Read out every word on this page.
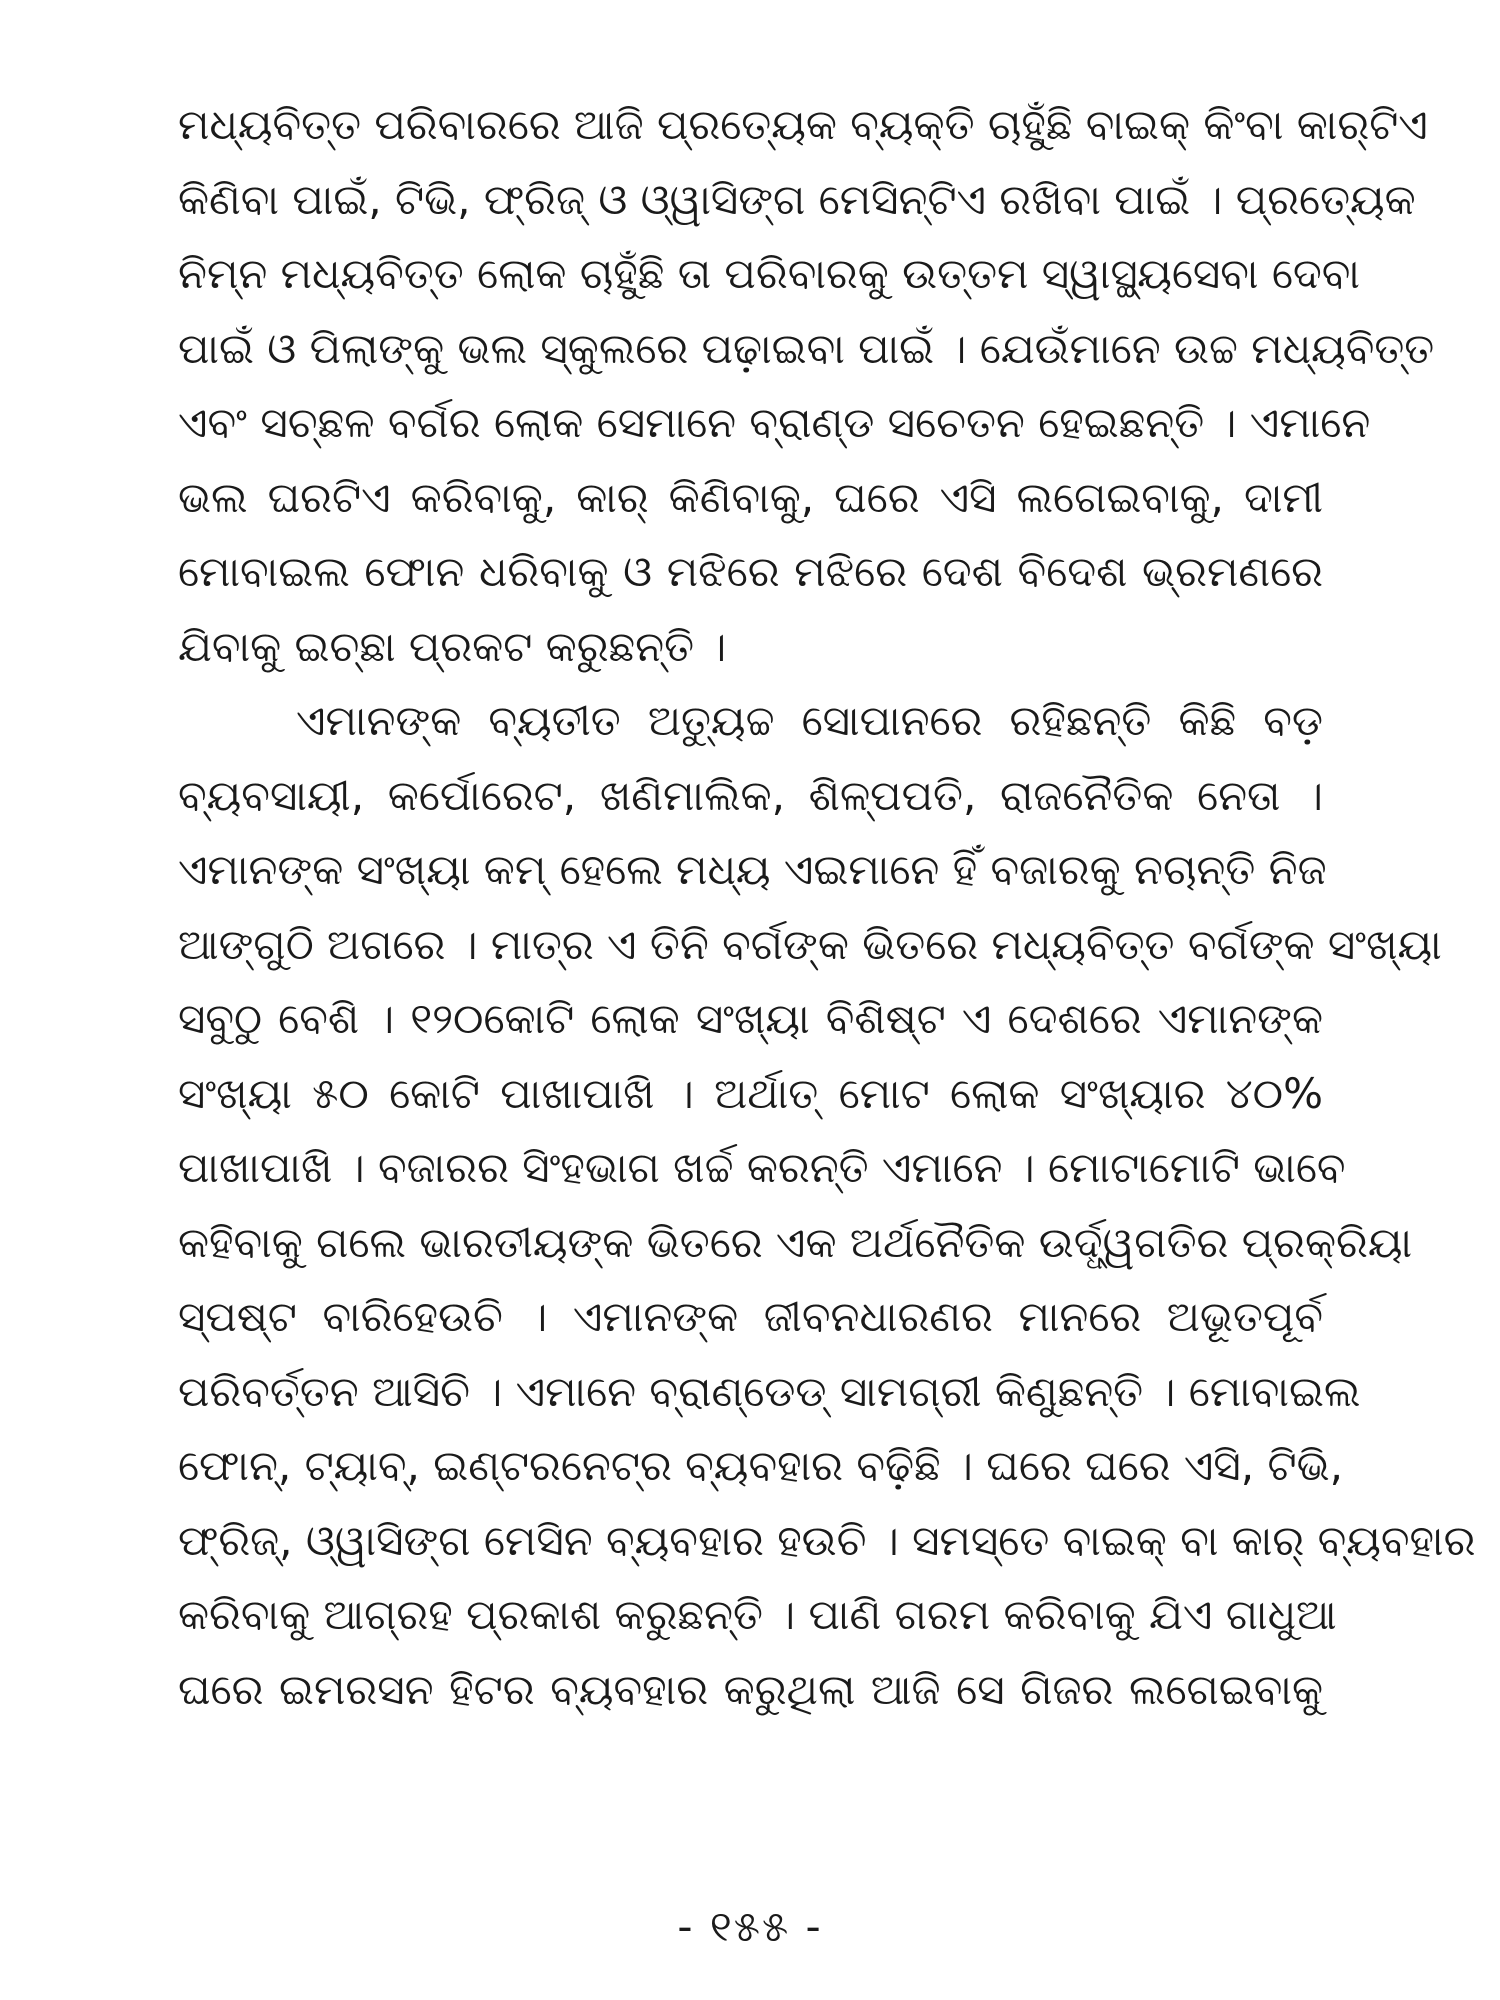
ମଧ୍ୟବିତ୍ତ ପରିବାରରେ ଆଜି ପ୍ରତ୍ୟେକ ବ୍ୟକ୍ତି ଚାହୁଁଛି ବାଇକ୍ କିଂବା କାର୍‌ଟିଏ
କିଣିବା ପାଇଁ, ଟିଭି, ଫ୍ରିଜ୍ ଓ ଓ୍ୱାସିଙ୍ଗ ମେସିନ୍‌ଟିଏ ରଖିବା ପାଇଁ । ପ୍ରତ୍ୟେକ
ନିମ୍ନ ମଧ୍ୟବିତ୍ତ ଲୋକ ଚାହୁଁଛି ତା ପରିବାରକୁ ଉତ୍ତମ ସ୍ୱାସ୍ଥ୍ୟସେବା ଦେବା
ପାଇଁ ଓ ପିଲାଙ୍କୁ ଭଲ ସ୍କୁଲରେ ପଢ଼ାଇବା ପାଇଁ । ଯେଉଁମାନେ ଉଚ୍ଚ ମଧ୍ୟବିତ୍ତ
ଏବଂ ସଚ୍ଛଳ ବର୍ଗର ଲୋକ ସେମାନେ ବ୍ରାଣ୍ଡ ସଚେତନ ହେଇଛନ୍ତି । ଏମାନେ
ଭଲ ଘରଟିଏ କରିବାକୁ, କାର୍ କିଣିବାକୁ, ଘରେ ଏସି ଲଗେଇବାକୁ, ଦାମୀ
ମୋବାଇଲ ଫୋନ ଧରିବାକୁ ଓ ମଝିରେ ମଝିରେ ଦେଶ ବିଦେଶ ଭ୍ରମଣରେ
ଯିବାକୁ ଇଚ୍ଛା ପ୍ରକଟ କରୁଛନ୍ତି ।
ଏମାନଙ୍କ ବ୍ୟତୀତ ଅତ୍ୟୁଚ୍ଚ ସୋପାନରେ ରହିଛନ୍ତି କିଛି ବଡ଼
ବ୍ୟବସାୟୀ, କର୍ପୋରେଟ, ଖଣିମାଲିକ, ଶିଳ୍ପପତି, ରାଜନୈତିକ ନେତା ।
ଏମାନଙ୍କ ସଂଖ୍ୟା କମ୍ ହେଲେ ମଧ୍ୟ ଏଇମାନେ ହିଁ ବଜାରକୁ ନଚାନ୍ତି ନିଜ
ଆଙ୍ଗୁଠି ଅଗରେ । ମାତ୍ର ଏ ତିନି ବର୍ଗଙ୍କ ଭିତରେ ମଧ୍ୟବିତ୍ତ ବର୍ଗଙ୍କ ସଂଖ୍ୟା
ସବୁଠୁ ବେଶି । ୧୨୦କୋଟି ଲୋକ ସଂଖ୍ୟା ବିଶିଷ୍ଟ ଏ ଦେଶରେ ଏମାନଙ୍କ
ସଂଖ୍ୟା ୫୦ କୋଟି ପାଖାପାଖି । ଅର୍ଥାତ୍ ମୋଟ ଲୋକ ସଂଖ୍ୟାର ୪୦%
ପାଖାପାଖି । ବଜାରର ସିଂହଭାଗ ଖର୍ଚ୍ଚ କରନ୍ତି ଏମାନେ । ମୋଟାମୋଟି ଭାବେ
କହିବାକୁ ଗଲେ ଭାରତୀୟଙ୍କ ଭିତରେ ଏକ ଅର୍ଥନୈତିକ ଉର୍ଦ୍ଧ୍ୱଗତିର ପ୍ରକ୍ରିୟା
ସ୍ପଷ୍ଟ ବାରିହେଉଚି । ଏମାନଙ୍କ ଜୀବନଧାରଣର ମାନରେ ଅଭୂତପୂର୍ବ
ପରିବର୍ତ୍ତନ ଆସିଚି । ଏମାନେ ବ୍ରାଣ୍ଡେଡ୍ ସାମଗ୍ରୀ କିଣୁଛନ୍ତି । ମୋବାଇଲ
ଫୋନ୍, ଟ୍ୟାବ୍, ଇଣ୍ଟରନେଟ୍‌ର ବ୍ୟବହାର ବଢ଼ିଛି । ଘରେ ଘରେ ଏସି, ଟିଭି,
ଫ୍ରିଜ୍, ଓ୍ୱାସିଙ୍ଗ ମେସିନ ବ୍ୟବହାର ହଉଚି । ସମସ୍ତେ ବାଇକ୍ ବା କାର୍ ବ୍ୟବହାର
କରିବାକୁ ଆଗ୍ରହ ପ୍ରକାଶ କରୁଛନ୍ତି । ପାଣି ଗରମ କରିବାକୁ ଯିଏ ଗାଧୁଆ
ଘରେ ଇମରସନ ହିଟର ବ୍ୟବହାର କରୁଥିଲା ଆଜି ସେ ଗିଜର ଲଗେଇବାକୁ
- ୧୫୫ -
